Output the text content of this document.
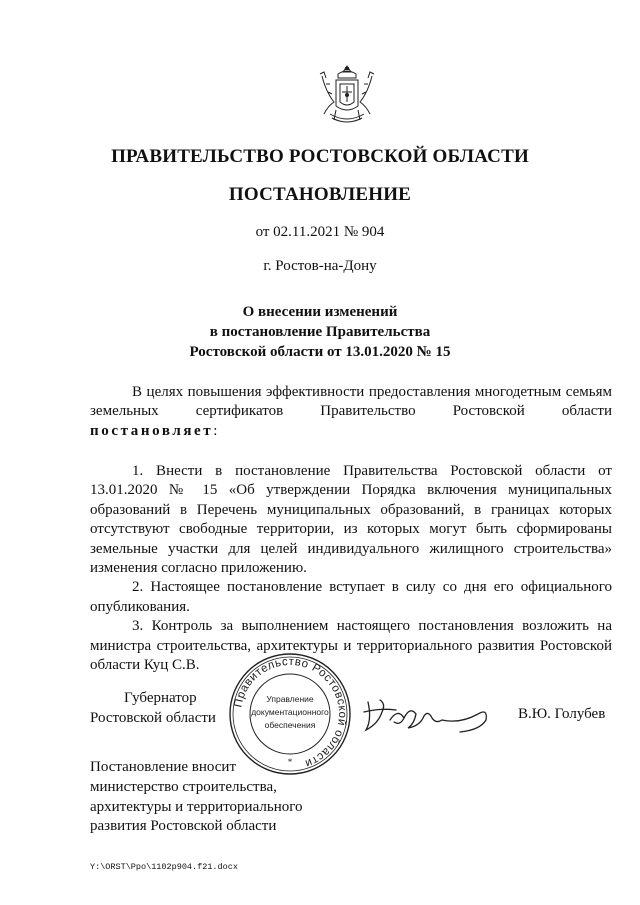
ПРАВИТЕЛЬСТВО РОСТОВСКОЙ ОБЛАСТИ
ПОСТАНОВЛЕНИЕ
от 02.11.2021 № 904
г. Ростов-на-Дону
О внесении изменений
в постановление Правительства
Ростовской области от 13.01.2020 № 15

В целях повышения эффективности предоставления многодетным семьям земельных сертификатов Правительство Ростовской области

постановляет:

1. Внести в постановление Правительства Ростовской области от 13.01.2020 № 15 «Об утверждении Порядка включения муниципальных образований в Перечень муниципальных образований, в границах которых отсутствуют свободные территории, из которых могут быть сформированы земельные участки для целей индивидуального жилищного строительства» изменения согласно приложению.

2. Настоящее постановление вступает в силу со дня его официального опубликования.

3. Контроль за выполнением настоящего постановления возложить на министра строительства, архитектуры и территориального развития Ростовской области Куц С.В.

Губернатор
Ростовской области
Правительство Ростовской области
Управление
документационного
обеспечения
*
В.Ю. Голубев
Постановление вносит
министерство строительства,
архитектуры и территориального
развития Ростовской области
Y:\ORST\Ppo\1102p904.f21.docx
